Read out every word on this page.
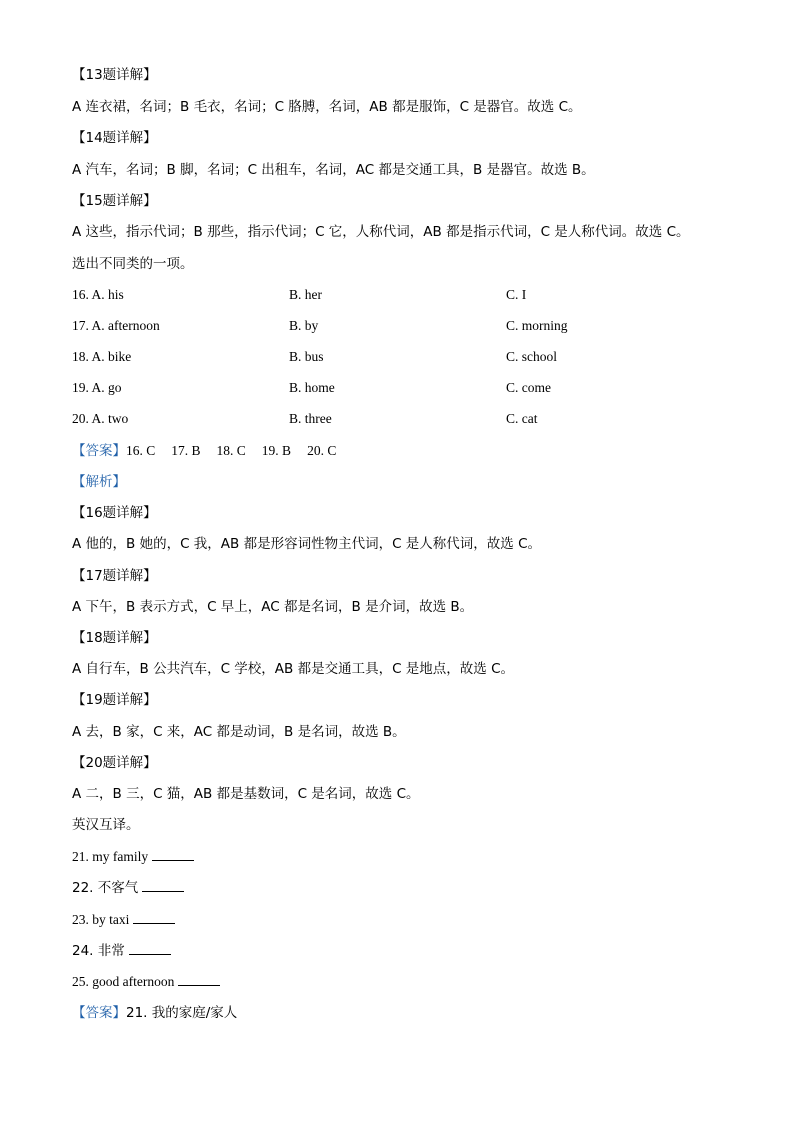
【13题详解】
A 连衣裙，名词；B 毛衣，名词；C 胳膊，名词，AB 都是服饰，C 是器官。故选 C。
【14题详解】
A 汽车，名词；B 脚，名词；C 出租车，名词，AC 都是交通工具，B 是器官。故选 B。
【15题详解】
A 这些，指示代词；B 那些，指示代词；C 它，人称代词，AB 都是指示代词，C 是人称代词。故选 C。
选出不同类的一项。
16. A. his	B. her	C. I
17. A. afternoon	B. by	C. morning
18. A. bike	B. bus	C. school
19. A. go	B. home	C. come
20. A. two	B. three	C. cat
【答案】16. C 17. B 18. C 19. B 20. C
【解析】
【16题详解】
A 他的，B 她的，C 我，AB 都是形容词性物主代词，C 是人称代词，故选 C。
【17题详解】
A 下午，B 表示方式，C 早上，AC 都是名词，B 是介词，故选 B。
【18题详解】
A 自行车，B 公共汽车，C 学校，AB 都是交通工具，C 是地点，故选 C。
【19题详解】
A 去，B 家，C 来，AC 都是动词，B 是名词，故选 B。
【20题详解】
A 二，B 三，C 猫，AB 都是基数词，C 是名词，故选 C。
英汉互译。
21. my family
22. 不客气
23. by taxi
24. 非常
25. good afternoon
【答案】21. 我的家庭/家人
